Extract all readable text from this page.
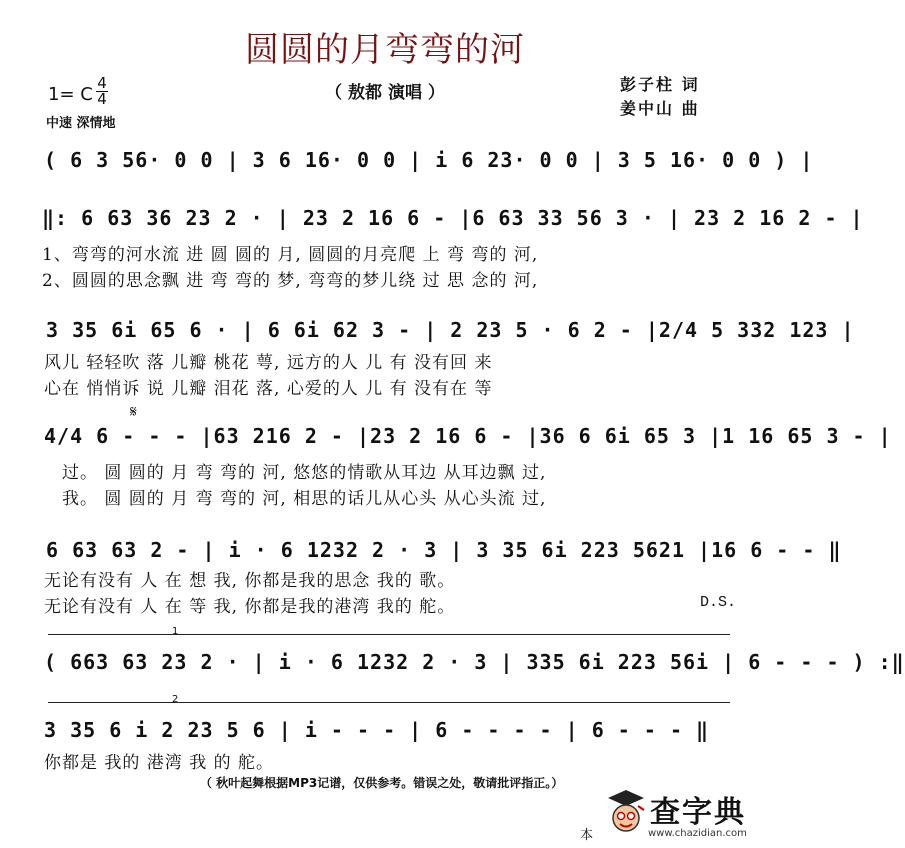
圆圆的月弯弯的河
（ 敖都 演唱 ）	彭子柱 词
姜中山 曲
1= C
4
4
中速 深情地
( 6 3 56· 0 0 | 3 6 16· 0 0 | i 6 23· 0 0 | 3 5 16· 0 0 ) |
‖: 6 63 36 23 2 · | 23 2 16 6 - |6 63 33 56 3 · | 23 2 16 2 - |
1、弯弯的河水流 进 圆 圆的 月, 圆圆的月亮爬 上 弯 弯的 河,
2、圆圆的思念飘 进 弯 弯的 梦, 弯弯的梦儿绕 过 思 念的 河,
3 35 6i 65 6 · | 6 6i 62 3 - | 2 23 5 · 6 2 - |2/4 5 332 123 |
风儿 轻轻吹 落 儿瓣 桃花 萼, 远方的人 儿 有 没有回 来
心在 悄悄诉 说 儿瓣 泪花 落, 心爱的人 儿 有 没有在 等
𝄋
4/4 6 - - - |63 216 2 - |23 2 16 6 - |36 6 6i 65 3 |1 16 65 3 - |
过。 圆 圆的 月 弯 弯的 河, 悠悠的情歌从耳边 从耳边飘 过,
我。 圆 圆的 月 弯 弯的 河, 相思的话儿从心头 从心头流 过,
6 63 63 2 - | i · 6 1232 2 · 3 | 3 35 6i 223 5621 |16 6 - - ‖
无论有没有 人 在 想 我, 你都是我的思念 我的 歌。
无论有没有 人 在 等 我, 你都是我的港湾 我的 舵。	D.S.
1
( 663 63 23 2 · | i · 6 1232 2 · 3 | 335 6i 223 56i | 6 - - - ) :‖
2
3 35 6 i 2 23 5 6 | i - - - | 6 - - - - | 6 - - - ‖
你都是 我的 港湾 我 的 舵。
（ 秋叶起舞根据MP3记谱，仅供参考。错误之处，敬请批评指正。）
本
查字典
www.chazidian.com
